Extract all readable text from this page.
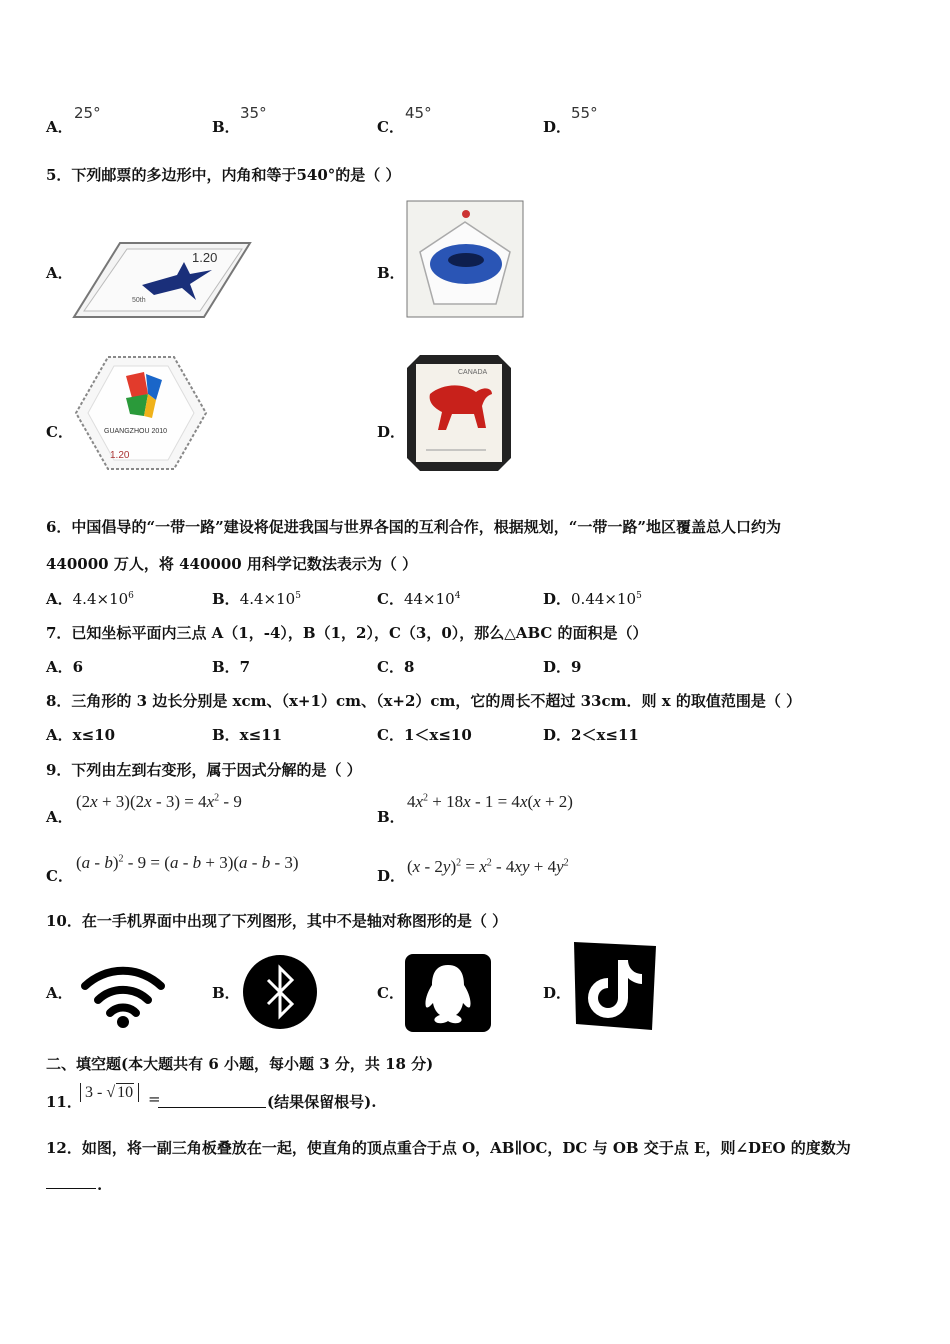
A．
25°
B．
35°
C．
45°
D．
55°
5．下列邮票的多边形中，内角和等于540°的是（ ）
A．	B．
C．	D．
1.20
50th
GUANGZHOU 2010
1.20
CANADA
6．中国倡导的“一带一路”建设将促进我国与世界各国的互利合作，根据规划，“一带一路”地区覆盖总人口约为
440000 万人，将 440000 用科学记数法表示为（ ）
A．$4.4\times 10^6$	B．$4.4\times 10^5$	C．$44\times 10^4$	D．$0.44\times 10^5$
7．已知坐标平面内三点 A（1，-4），B（1，2），C（3，0），那么△ABC 的面积是（）
A．6	B．7	C．8	D．9
8．三角形的 3 边长分别是 xcm、（x+1）cm、（x+2）cm，它的周长不超过 33cm．则 x 的取值范围是（ ）
A．x≤10	B．x≤11	C．1＜x≤10	D．2＜x≤11
9．下列由左到右变形，属于因式分解的是（ ）
A．
$(2x + 3)(2x - 3) = 4x^2 - 9$
B．
$4x^2 + 18x - 1 = 4x(x + 2)$
C．
(a - b)$^2$ - 9 = (a - b + 3)(a - b - 3)
D． $(x - 2y)^2 = x^2 - 4xy + 4y^2$
10．在一手机界面中出现了下列图形，其中不是轴对称图形的是（ ）
A．	B．	C．	D．
二、填空题(本大题共有 6 小题，每小题 3 分，共 18 分)
11．
3 - √ 10 =	(结果保留根号).
12．如图，将一副三角板叠放在一起，使直角的顶点重合于点 O，AB∥OC，DC 与 OB 交于点 E，则∠DEO 的度数为
.
